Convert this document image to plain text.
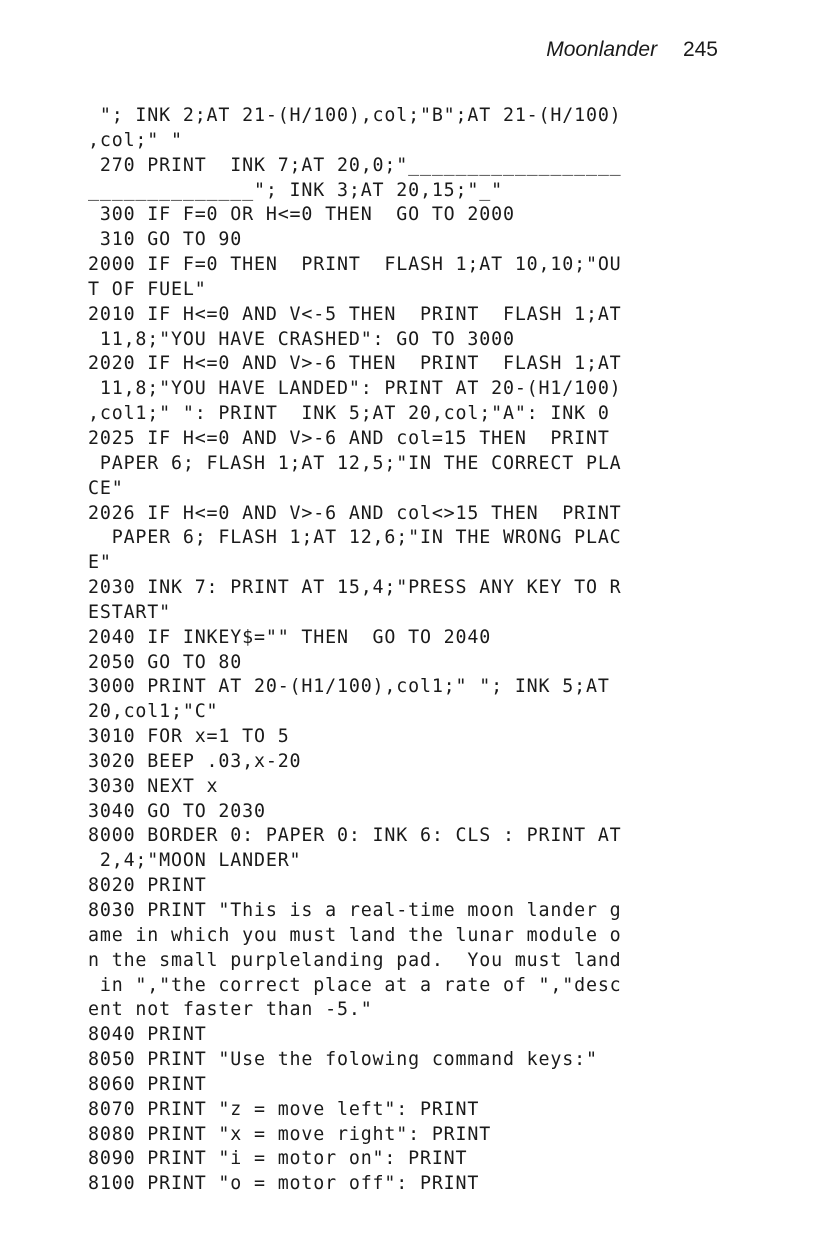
Moonlander 245
"; INK 2;AT 21-(H/100),col;"B";AT 21-(H/100)
,col;" "
270 PRINT  INK 7;AT 20,0;"__________________
______________"; INK 3;AT 20,15;"_"
300 IF F=0 OR H<=0 THEN  GO TO 2000
310 GO TO 90
2000 IF F=0 THEN  PRINT  FLASH 1;AT 10,10;"OU
T OF FUEL"
2010 IF H<=0 AND V<-5 THEN  PRINT  FLASH 1;AT
11,8;"YOU HAVE CRASHED": GO TO 3000
2020 IF H<=0 AND V>-6 THEN  PRINT  FLASH 1;AT
11,8;"YOU HAVE LANDED": PRINT AT 20-(H1/100)
,col1;" ": PRINT  INK 5;AT 20,col;"A": INK 0
2025 IF H<=0 AND V>-6 AND col=15 THEN  PRINT
PAPER 6; FLASH 1;AT 12,5;"IN THE CORRECT PLA
CE"
2026 IF H<=0 AND V>-6 AND col<>15 THEN  PRINT
PAPER 6; FLASH 1;AT 12,6;"IN THE WRONG PLAC
E"
2030 INK 7: PRINT AT 15,4;"PRESS ANY KEY TO R
ESTART"
2040 IF INKEY$="" THEN  GO TO 2040
2050 GO TO 80
3000 PRINT AT 20-(H1/100),col1;" "; INK 5;AT
20,col1;"C"
3010 FOR x=1 TO 5
3020 BEEP .03,x-20
3030 NEXT x
3040 GO TO 2030
8000 BORDER 0: PAPER 0: INK 6: CLS : PRINT AT
2,4;"MOON LANDER"
8020 PRINT
8030 PRINT "This is a real-time moon lander g
ame in which you must land the lunar module o
n the small purplelanding pad.  You must land
in ","the correct place at a rate of ","desc
ent not faster than -5."
8040 PRINT
8050 PRINT "Use the folowing command keys:"
8060 PRINT
8070 PRINT "z = move left": PRINT
8080 PRINT "x = move right": PRINT
8090 PRINT "i = motor on": PRINT
8100 PRINT "o = motor off": PRINT
